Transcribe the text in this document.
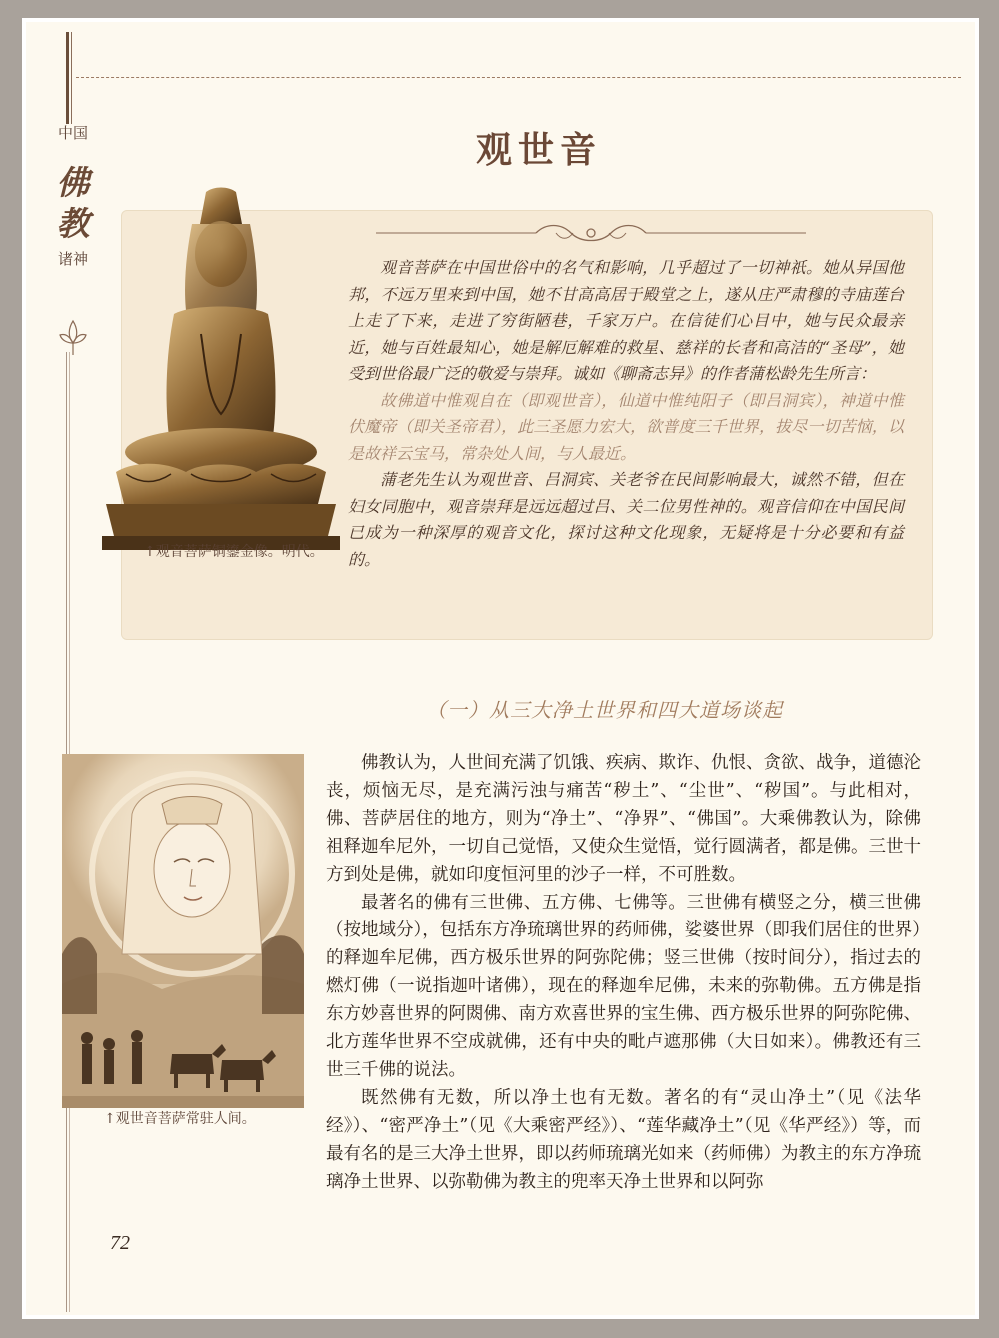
中国
佛
教
诸神
观世音
↑观音菩萨铜鎏金像。明代。

观音菩萨在中国世俗中的名气和影响，几乎超过了一切神祇。她从异国他邦，不远万里来到中国，她不甘高高居于殿堂之上，遂从庄严肃穆的寺庙莲台上走了下来，走进了穷街陋巷，千家万户。在信徒们心目中，她与民众最亲近，她与百姓最知心，她是解厄解难的救星、慈祥的长者和高洁的“圣母”，她受到世俗最广泛的敬爱与崇拜。诚如《聊斋志异》的作者蒲松龄先生所言：

故佛道中惟观自在（即观世音），仙道中惟纯阳子（即吕洞宾），神道中惟伏魔帝（即关圣帝君），此三圣愿力宏大，欲普度三千世界，拔尽一切苦恼，以是故祥云宝马，常杂处人间，与人最近。

蒲老先生认为观世音、吕洞宾、关老爷在民间影响最大，诚然不错，但在妇女同胞中，观音崇拜是远远超过吕、关二位男性神的。观音信仰在中国民间已成为一种深厚的观音文化，探讨这种文化现象，无疑将是十分必要和有益的。

（一）从三大净土世界和四大道场谈起
↑观世音菩萨常驻人间。

佛教认为，人世间充满了饥饿、疾病、欺诈、仇恨、贪欲、战争，道德沦丧，烦恼无尽，是充满污浊与痛苦“秽土”、“尘世”、“秽国”。与此相对，佛、菩萨居住的地方，则为“净土”、“净界”、“佛国”。大乘佛教认为，除佛祖释迦牟尼外，一切自己觉悟，又使众生觉悟，觉行圆满者，都是佛。三世十方到处是佛，就如印度恒河里的沙子一样，不可胜数。

最著名的佛有三世佛、五方佛、七佛等。三世佛有横竖之分，横三世佛（按地域分），包括东方净琉璃世界的药师佛，娑婆世界（即我们居住的世界）的释迦牟尼佛，西方极乐世界的阿弥陀佛；竖三世佛（按时间分），指过去的燃灯佛（一说指迦叶诸佛），现在的释迦牟尼佛，未来的弥勒佛。五方佛是指东方妙喜世界的阿閦佛、南方欢喜世界的宝生佛、西方极乐世界的阿弥陀佛、北方莲华世界不空成就佛，还有中央的毗卢遮那佛（大日如来）。佛教还有三世三千佛的说法。

既然佛有无数，所以净土也有无数。著名的有“灵山净土”（见《法华经》）、“密严净土”（见《大乘密严经》）、“莲华藏净土”（见《华严经》）等，而最有名的是三大净土世界，即以药师琉璃光如来（药师佛）为教主的东方净琉璃净土世界、以弥勒佛为教主的兜率天净土世界和以阿弥

72
